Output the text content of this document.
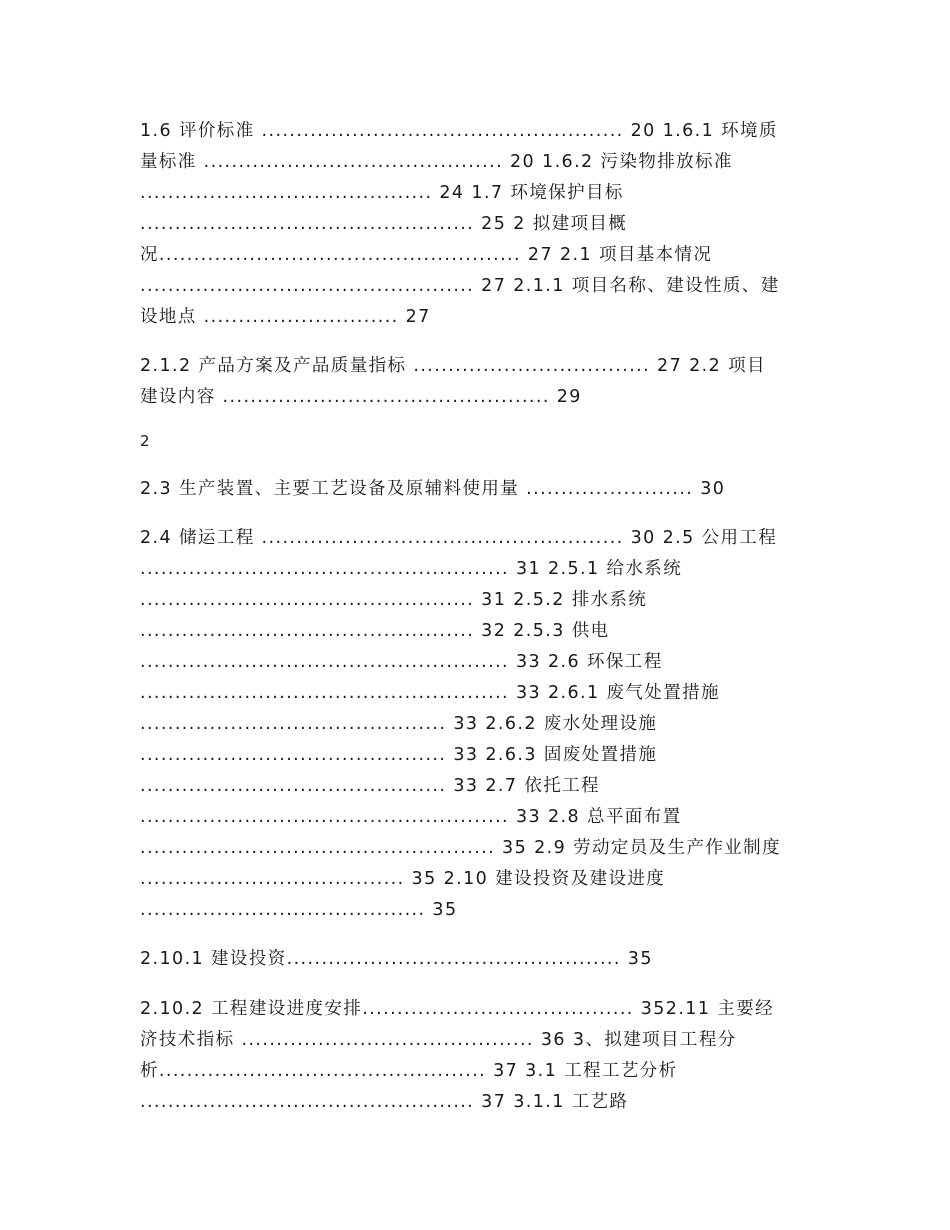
1.6 评价标准 .................................................... 20 1.6.1 环境质
量标准 ........................................... 20 1.6.2 污染物排放标准
.......................................... 24 1.7 环境保护目标
................................................ 25 2 拟建项目概
况.................................................... 27 2.1 项目基本情况
................................................ 27 2.1.1 项目名称、建设性质、建
设地点 ............................ 27
2.1.2 产品方案及产品质量指标 .................................. 27 2.2 项目
建设内容 ............................................... 29
2
2.3 生产装置、主要工艺设备及原辅料使用量 ........................ 30
2.4 储运工程 .................................................... 30 2.5 公用工程
..................................................... 31 2.5.1 给水系统
................................................ 31 2.5.2 排水系统
................................................ 32 2.5.3 供电
..................................................... 33 2.6 环保工程
..................................................... 33 2.6.1 废气处置措施
............................................ 33 2.6.2 废水处理设施
............................................ 33 2.6.3 固废处置措施
............................................ 33 2.7 依托工程
..................................................... 33 2.8 总平面布置
................................................... 35 2.9 劳动定员及生产作业制度
...................................... 35 2.10 建设投资及建设进度
......................................... 35
2.10.1 建设投资................................................ 35
2.10.2 工程建设进度安排....................................... 352.11 主要经
济技术指标 .......................................... 36 3、拟建项目工程分
析............................................... 37 3.1 工程工艺分析
................................................ 37 3.1.1 工艺路
